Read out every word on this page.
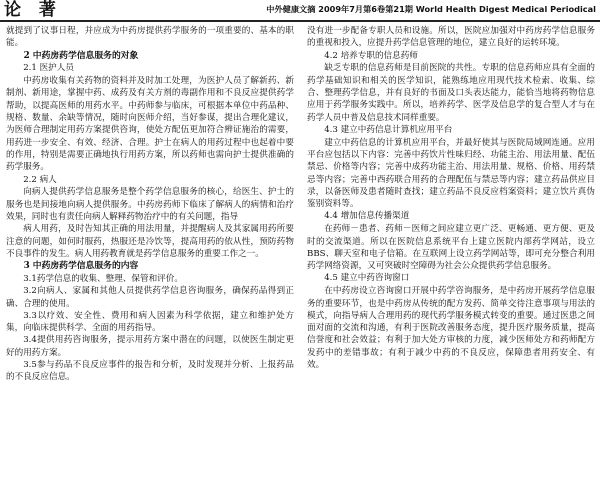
论 著	中外健康文摘 2009年7月第6卷第21期 World Health Digest Medical Periodical
就提到了议事日程，并应成为中药房提供药学服务的一项重要的、基本的职能。
2 中药房药学信息服务的对象
2.1 医护人员
中药房收集有关药物的资料并及时加工处理，为医护人员了解新药、新制剂、新用途，掌握中药、成药及有关方剂的毒副作用和不良反应提供药学帮助，以提高医师的用药水平。中药师参与临床，可根据本单位中药品种、规格、数量、余缺等情况，随时向医师介绍，当好参谋，提出合理化建议，为医师合理制定用药方案提供咨询，使处方配伍更加符合辨证施治的需要，用药进一步安全、有效、经济、合理。护士在病人的用药过程中也起着中要的作用，特别是需要正确地执行用药方案，所以药师也需向护士提供准确的药学服务。
2.2 病人
向病人提供药学信息服务是整个药学信息服务的核心，给医生、护士的服务也是间接地向病人提供服务。中药房药师下临床了解病人的病情和治疗效果，同时也有责任向病人解释药物治疗中的有关问题，指导
病人用药，及时告知其正确的用法用量，并提醒病人及其家属用药所要注意的问题，如何时服药，热服还是冷饮等，提高用药的依从性，预防药物不良事件的发生。病人用药教育就是药学信息服务的重要工作之一。
3 中药房药学信息服务的内容
3.1药学信息的收集、整理、保管和评价。
3.2向病人、家属和其他人员提供药学信息咨询服务，确保药品得到正确、合理的使用。
3.3以疗效、安全性、费用和病人因素为科学依据，建立和维护处方集，向临床提供科学、全面的用药指导。
3.4提供用药咨询服务，提示用药方案中潜在的问题，以使医生制定更好的用药方案。
3.5参与药品不良反应事件的报告和分析，及时发现并分析、上报药品的不良反应信息。
没有进一步配备专职人员和设施。所以，医院应加强对中药房药学信息服务的重视和投入，应提升药学信息管理的地位，建立良好的运转环境。
4.2 培养专职的信息药师
缺乏专职的信息药师是目前医院的共性。专职的信息药师应具有全面的药学基础知识和相关的医学知识，能熟练地应用现代技术检索、收集、综合、整理药学信息，并有良好的书面及口头表达能力，能恰当地将药物信息应用于药学服务实践中。所以，培养药学、医学及信息学的复合型人才与在药学人员中普及信息技术同样重要。
4.3 建立中药信息计算机应用平台
建立中药信息的计算机应用平台，并最好使其与医院局域网连通。应用平台应包括以下内容：完善中药饮片性味归经、功能主治、用法用量、配伍禁忌、价格等内容；完善中成药功能主治、用法用量、规格、价格、用药禁忌等内容；完善中西药联合用药的合理配伍与禁忌等内容；建立药品供应目录，以备医师及患者随时查找；建立药品不良反应档案资料；建立饮片真伪鉴别资料等。
4.4 增加信息传播渠道
在药师－患者、药师－医师之间应建立更广泛、更畅通、更方便、更及时的交流渠道。所以在医院信息系统平台上建立医院内部药学网站，设立BBS、聊天室和电子信箱。在互联网上设立药学网站等，即可充分整合利用药学网络资源，又可突破时空障碍为社会公众提供药学信息服务。
4.5 建立中药咨询窗口
在中药房设立咨询窗口开展中药学咨询服务，是中药房开展药学信息服务的重要环节，也是中药房从传统的配方发药、简单交待注意事项与用法的模式，向指导病人合理用药的现代药学服务模式转变的重要。通过医患之间面对面的交流和沟通，有利于医院改善服务态度，提升医疗服务质量，提高信誉度和社会效益；有利于加大处方审核的力度，减少医师处方和药师配方发药中的差错事故；有利于减少中药的不良反应，保障患者用药安全、有效。
